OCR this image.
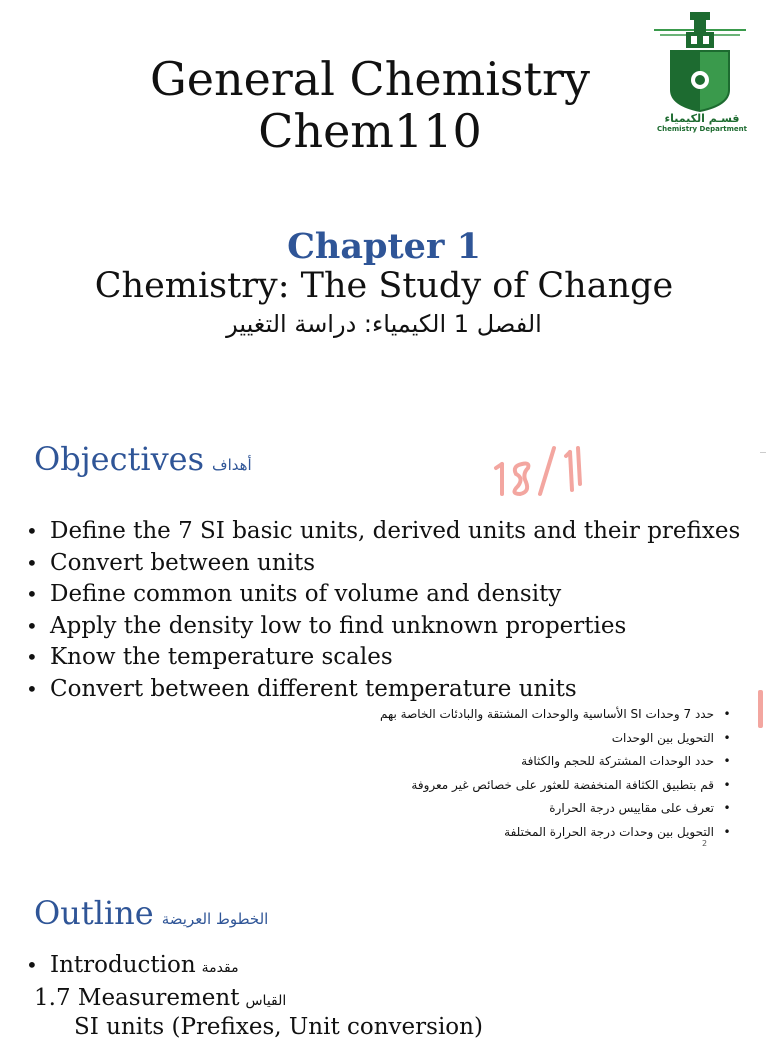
General Chemistry
Chem110	قسـم الكيمياء
Chemistry Department
Chapter 1
Chemistry: The Study of Change
الفصل 1 الكيمياء: دراسة التغيير
Objectives أهداف
• Define the 7 SI basic units, derived units and their prefixes
• Convert between units
• Define common units of volume and density
• Apply the density low to find unknown properties
• Know the temperature scales
• Convert between different temperature units
• حدد 7 وحدات SI الأساسية والوحدات المشتقة والبادئات الخاصة بهم
• التحويل بين الوحدات
• حدد الوحدات المشتركة للحجم والكثافة
• قم بتطبيق الكثافة المنخفضة للعثور على خصائص غير معروفة
• تعرف على مقاييس درجة الحرارة
• التحويل بين وحدات درجة الحرارة المختلفة
2
Outline الخطوط العريضة
• Introduction مقدمة
1.7 Measurement القياس
SI units (Prefixes, Unit conversion)
